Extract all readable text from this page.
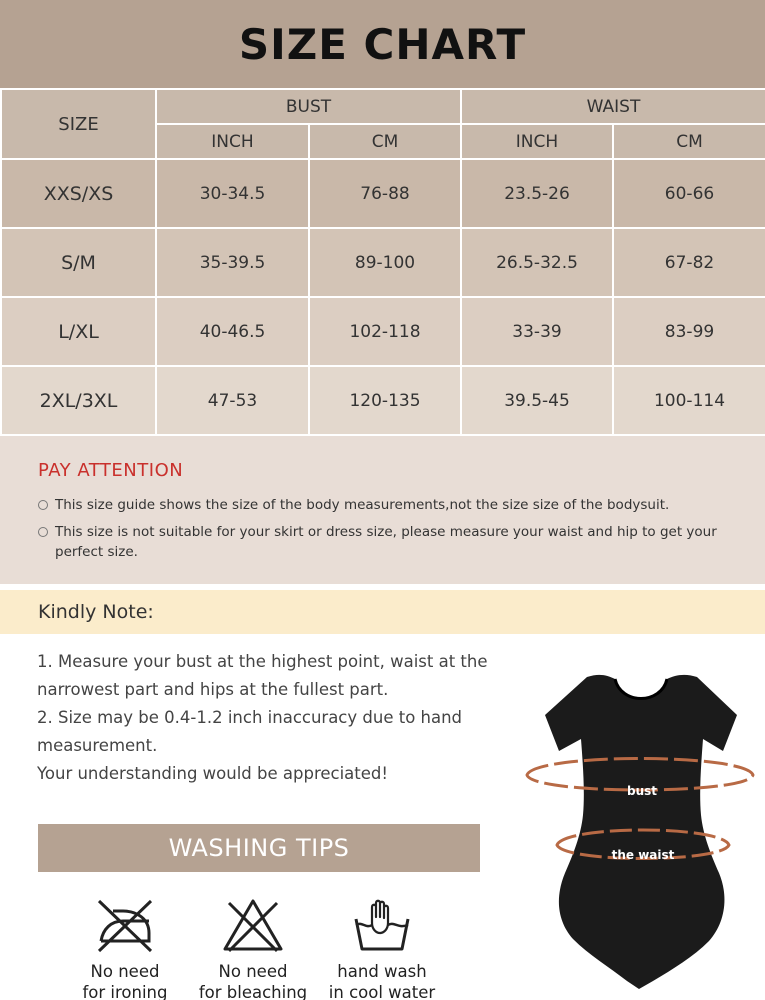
SIZE CHART
SIZE	BUST		WAIST	
	INCH	CM	INCH	CM
XXS/XS	30-34.5	76-88	23.5-26	60-66
S/M	35-39.5	89-100	26.5-32.5	67-82
L/XL	40-46.5	102-118	33-39	83-99
2XL/3XL	47-53	120-135	39.5-45	100-114
PAY ATTENTION
This size guide shows the size of the body measurements,not the size size of the bodysuit.
This size is not suitable for your skirt or dress size, please measure your waist and hip to get your perfect size.
Kindly Note:

1. Measure your bust at the highest point, waist at the narrowest part and hips at the fullest part.

2. Size may be 0.4-1.2 inch inaccuracy due to hand measurement.

Your understanding would be appreciated!

WASHING TIPS
No need
for ironing
No need
for bleaching
hand wash
in cool water
bust
the waist
